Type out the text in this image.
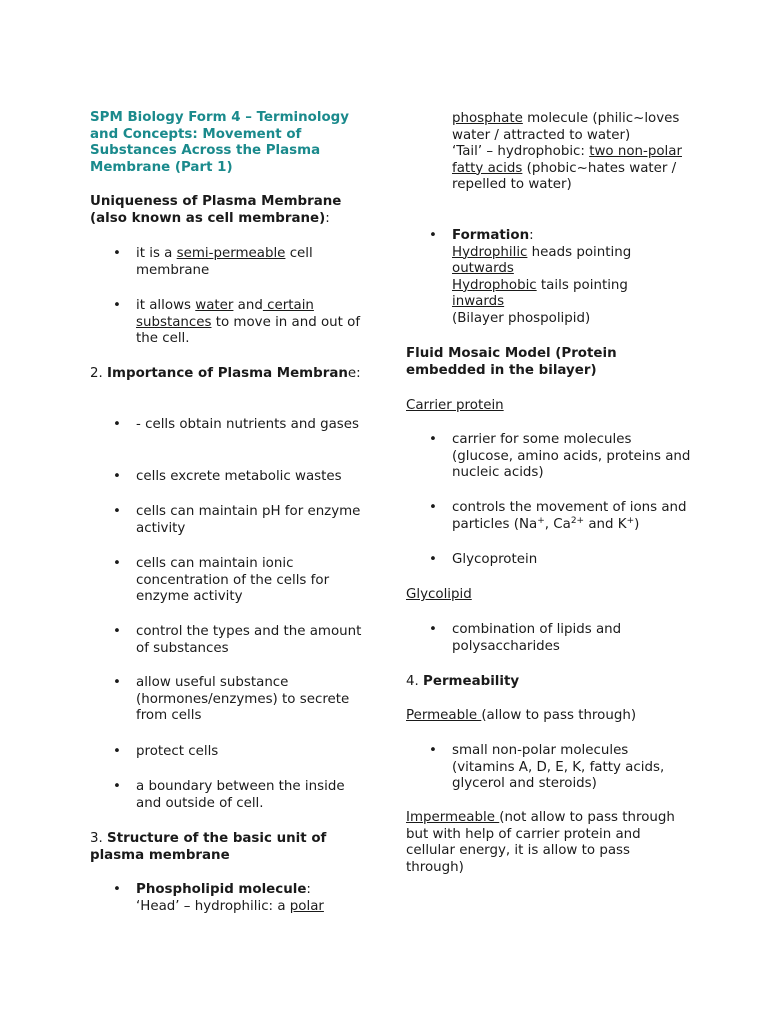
SPM Biology Form 4 – Terminology and Concepts: Movement of Substances Across the Plasma Membrane (Part 1)
Uniqueness of Plasma Membrane (also known as cell membrane):
• it is a semi-permeable cell membrane
• it allows water and certain substances to move in and out of the cell.
2. Importance of Plasma Membrane:
• - cells obtain nutrients and gases
• cells excrete metabolic wastes
• cells can maintain pH for enzyme activity
• cells can maintain ionic concentration of the cells for enzyme activity
• control the types and the amount of substances
• allow useful substance (hormones/enzymes) to secrete from cells
• protect cells
• a boundary between the inside and outside of cell.
3. Structure of the basic unit of plasma membrane
• Phospholipid molecule:
‘Head’ – hydrophilic: a polar
phosphate molecule (philic~loves water / attracted to water)
‘Tail’ – hydrophobic: two non-polar fatty acids (phobic~hates water / repelled to water)
• Formation:
Hydrophilic heads pointing
outwards
Hydrophobic tails pointing
inwards
(Bilayer phospolipid)
Fluid Mosaic Model (Protein embedded in the bilayer)
Carrier protein
• carrier for some molecules (glucose, amino acids, proteins and nucleic acids)
• controls the movement of ions and particles (Na+, $Ca^{2+}$ and K+)
• Glycoprotein
Glycolipid
• combination of lipids and polysaccharides
4. Permeability
Permeable (allow to pass through)
• small non-polar molecules (vitamins A, D, E, K, fatty acids, glycerol and steroids)
Impermeable (not allow to pass through but with help of carrier protein and cellular energy, it is allow to pass through)
